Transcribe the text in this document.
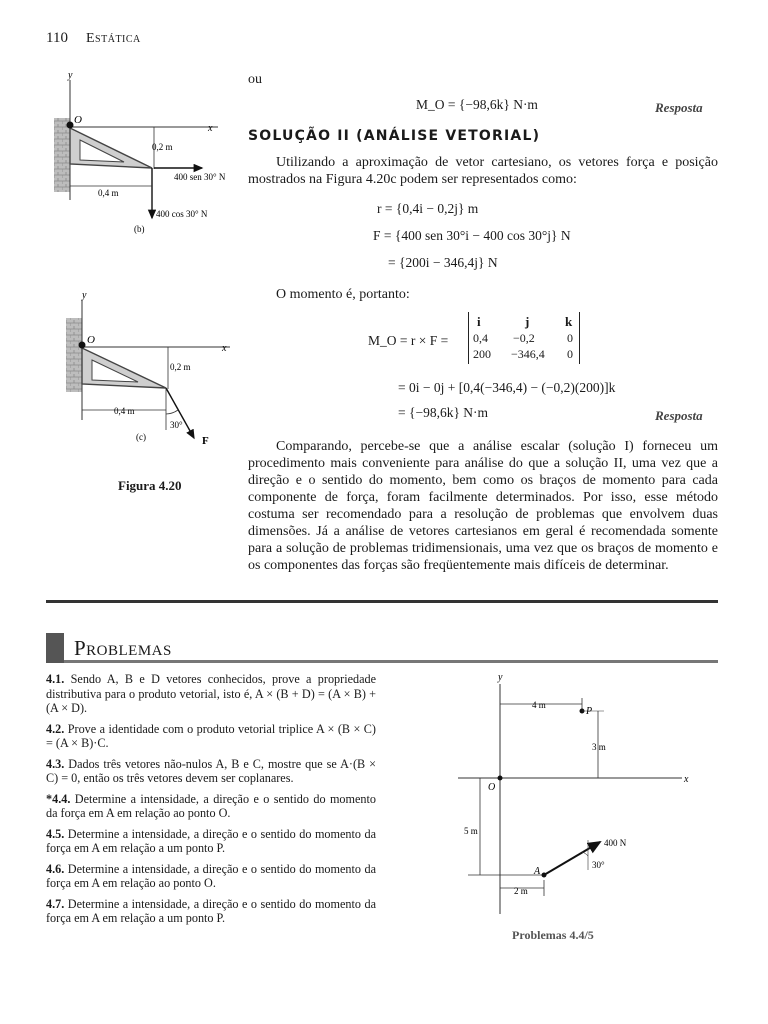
110 Estática
y
x
O
0,2 m
400 sen 30° N
0,4 m
400 cos 30° N
(b)
y
x
O
0,2 m
0,4 m
30°
F
(c)
Figura 4.20
ou
M_O = {−98,6k} N·m	Resposta
SOLUÇÃO II (ANÁLISE VETORIAL)
Utilizando a aproximação de vetor cartesiano, os vetores força e posição mostrados na Figura 4.20c podem ser representados como:
r = {0,4i − 0,2j} m
F = {400 sen 30°i − 400 cos 30°j} N
= {200i − 346,4j} N
O momento é, portanto:
M_O = r × F =
i	j	k
0,4 −0,2	0
200 −346,4 0
= 0i − 0j + [0,4(−346,4) − (−0,2)(200)]k
= {−98,6k} N·m	Resposta
Comparando, percebe-se que a análise escalar (solução I) forneceu um procedimento mais conveniente para análise do que a solução II, uma vez que a direção e o sentido do momento, bem como os braços de momento para cada componente de força, foram facilmente determinados. Por isso, esse método costuma ser recomendado para a resolução de problemas que envolvem duas dimensões. Já a análise de vetores cartesianos em geral é recomendada somente para a solução de problemas tridimensionais, uma vez que os braços de momento e os componentes das forças são freqüentemente mais difíceis de determinar.
Problemas
4.1. Sendo A, B e D vetores conhecidos, prove a propriedade distributiva para o produto vetorial, isto é, A × (B + D) = (A × B) + (A × D).
4.2. Prove a identidade com o produto vetorial triplice A × (B × C) = (A × B)·C.
4.3. Dados três vetores não-nulos A, B e C, mostre que se A·(B × C) = 0, então os três vetores devem ser coplanares.
*4.4. Determine a intensidade, a direção e o sentido do momento da força em A em relação ao ponto O.
4.5. Determine a intensidade, a direção e o sentido do momento da força em A em relação a um ponto P.
4.6. Determine a intensidade, a direção e o sentido do momento da força em A em relação ao ponto O.
4.7. Determine a intensidade, a direção e o sentido do momento da força em A em relação a um ponto P.
y
x
O
P
A
4 m
3 m
5 m
2 m
400 N
30°
Problemas 4.4/5
